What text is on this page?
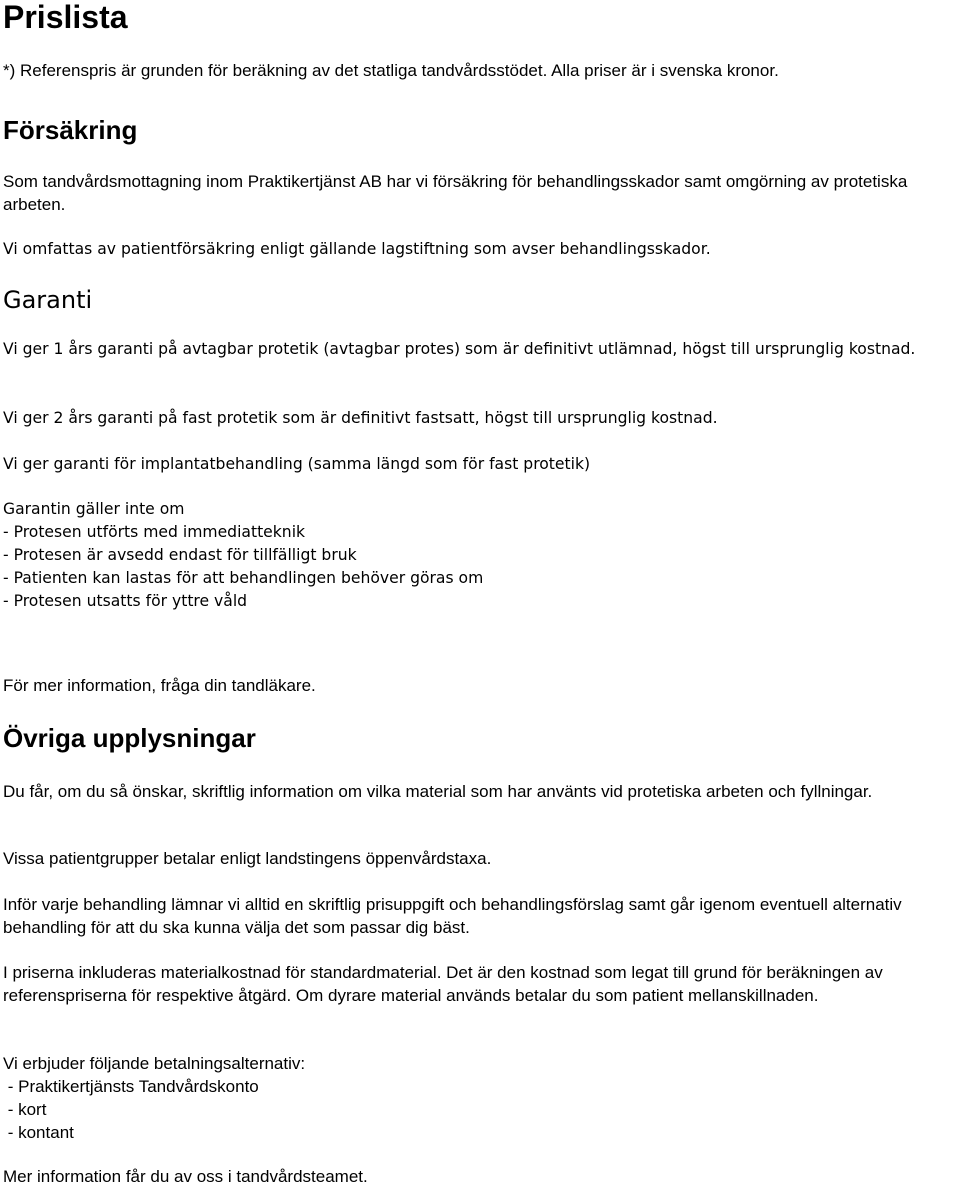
Prislista

*) Referenspris är grunden för beräkning av det statliga tandvårdsstödet. Alla priser är i svenska kronor.

Försäkring

Som tandvårdsmottagning inom Praktikertjänst AB har vi försäkring för behandlingsskador samt omgörning av protetiska arbeten.

Vi omfattas av patientförsäkring enligt gällande lagstiftning som avser behandlingsskador.

Garanti

Vi ger 1 års garanti på avtagbar protetik (avtagbar protes) som är definitivt utlämnad, högst till ursprunglig kostnad.

Vi ger 2 års garanti på fast protetik som är definitivt fastsatt, högst till ursprunglig kostnad.

Vi ger garanti för implantatbehandling (samma längd som för fast protetik)

Garantin gäller inte om
- Protesen utförts med immediatteknik
- Protesen är avsedd endast för tillfälligt bruk
- Patienten kan lastas för att behandlingen behöver göras om
- Protesen utsatts för yttre våld

För mer information, fråga din tandläkare.

Övriga upplysningar

Du får, om du så önskar, skriftlig information om vilka material som har använts vid protetiska arbeten och fyllningar.

Vissa patientgrupper betalar enligt landstingens öppenvårdstaxa.

Inför varje behandling lämnar vi alltid en skriftlig prisuppgift och behandlingsförslag samt går igenom eventuell alternativ behandling för att du ska kunna välja det som passar dig bäst.

I priserna inkluderas materialkostnad för standardmaterial. Det är den kostnad som legat till grund för beräkningen av referenspriserna för respektive åtgärd. Om dyrare material används betalar du som patient mellanskillnaden.

Vi erbjuder följande betalningsalternativ:
- Praktikertjänsts Tandvårdskonto
- kort
- kontant

Mer information får du av oss i tandvårdsteamet.
